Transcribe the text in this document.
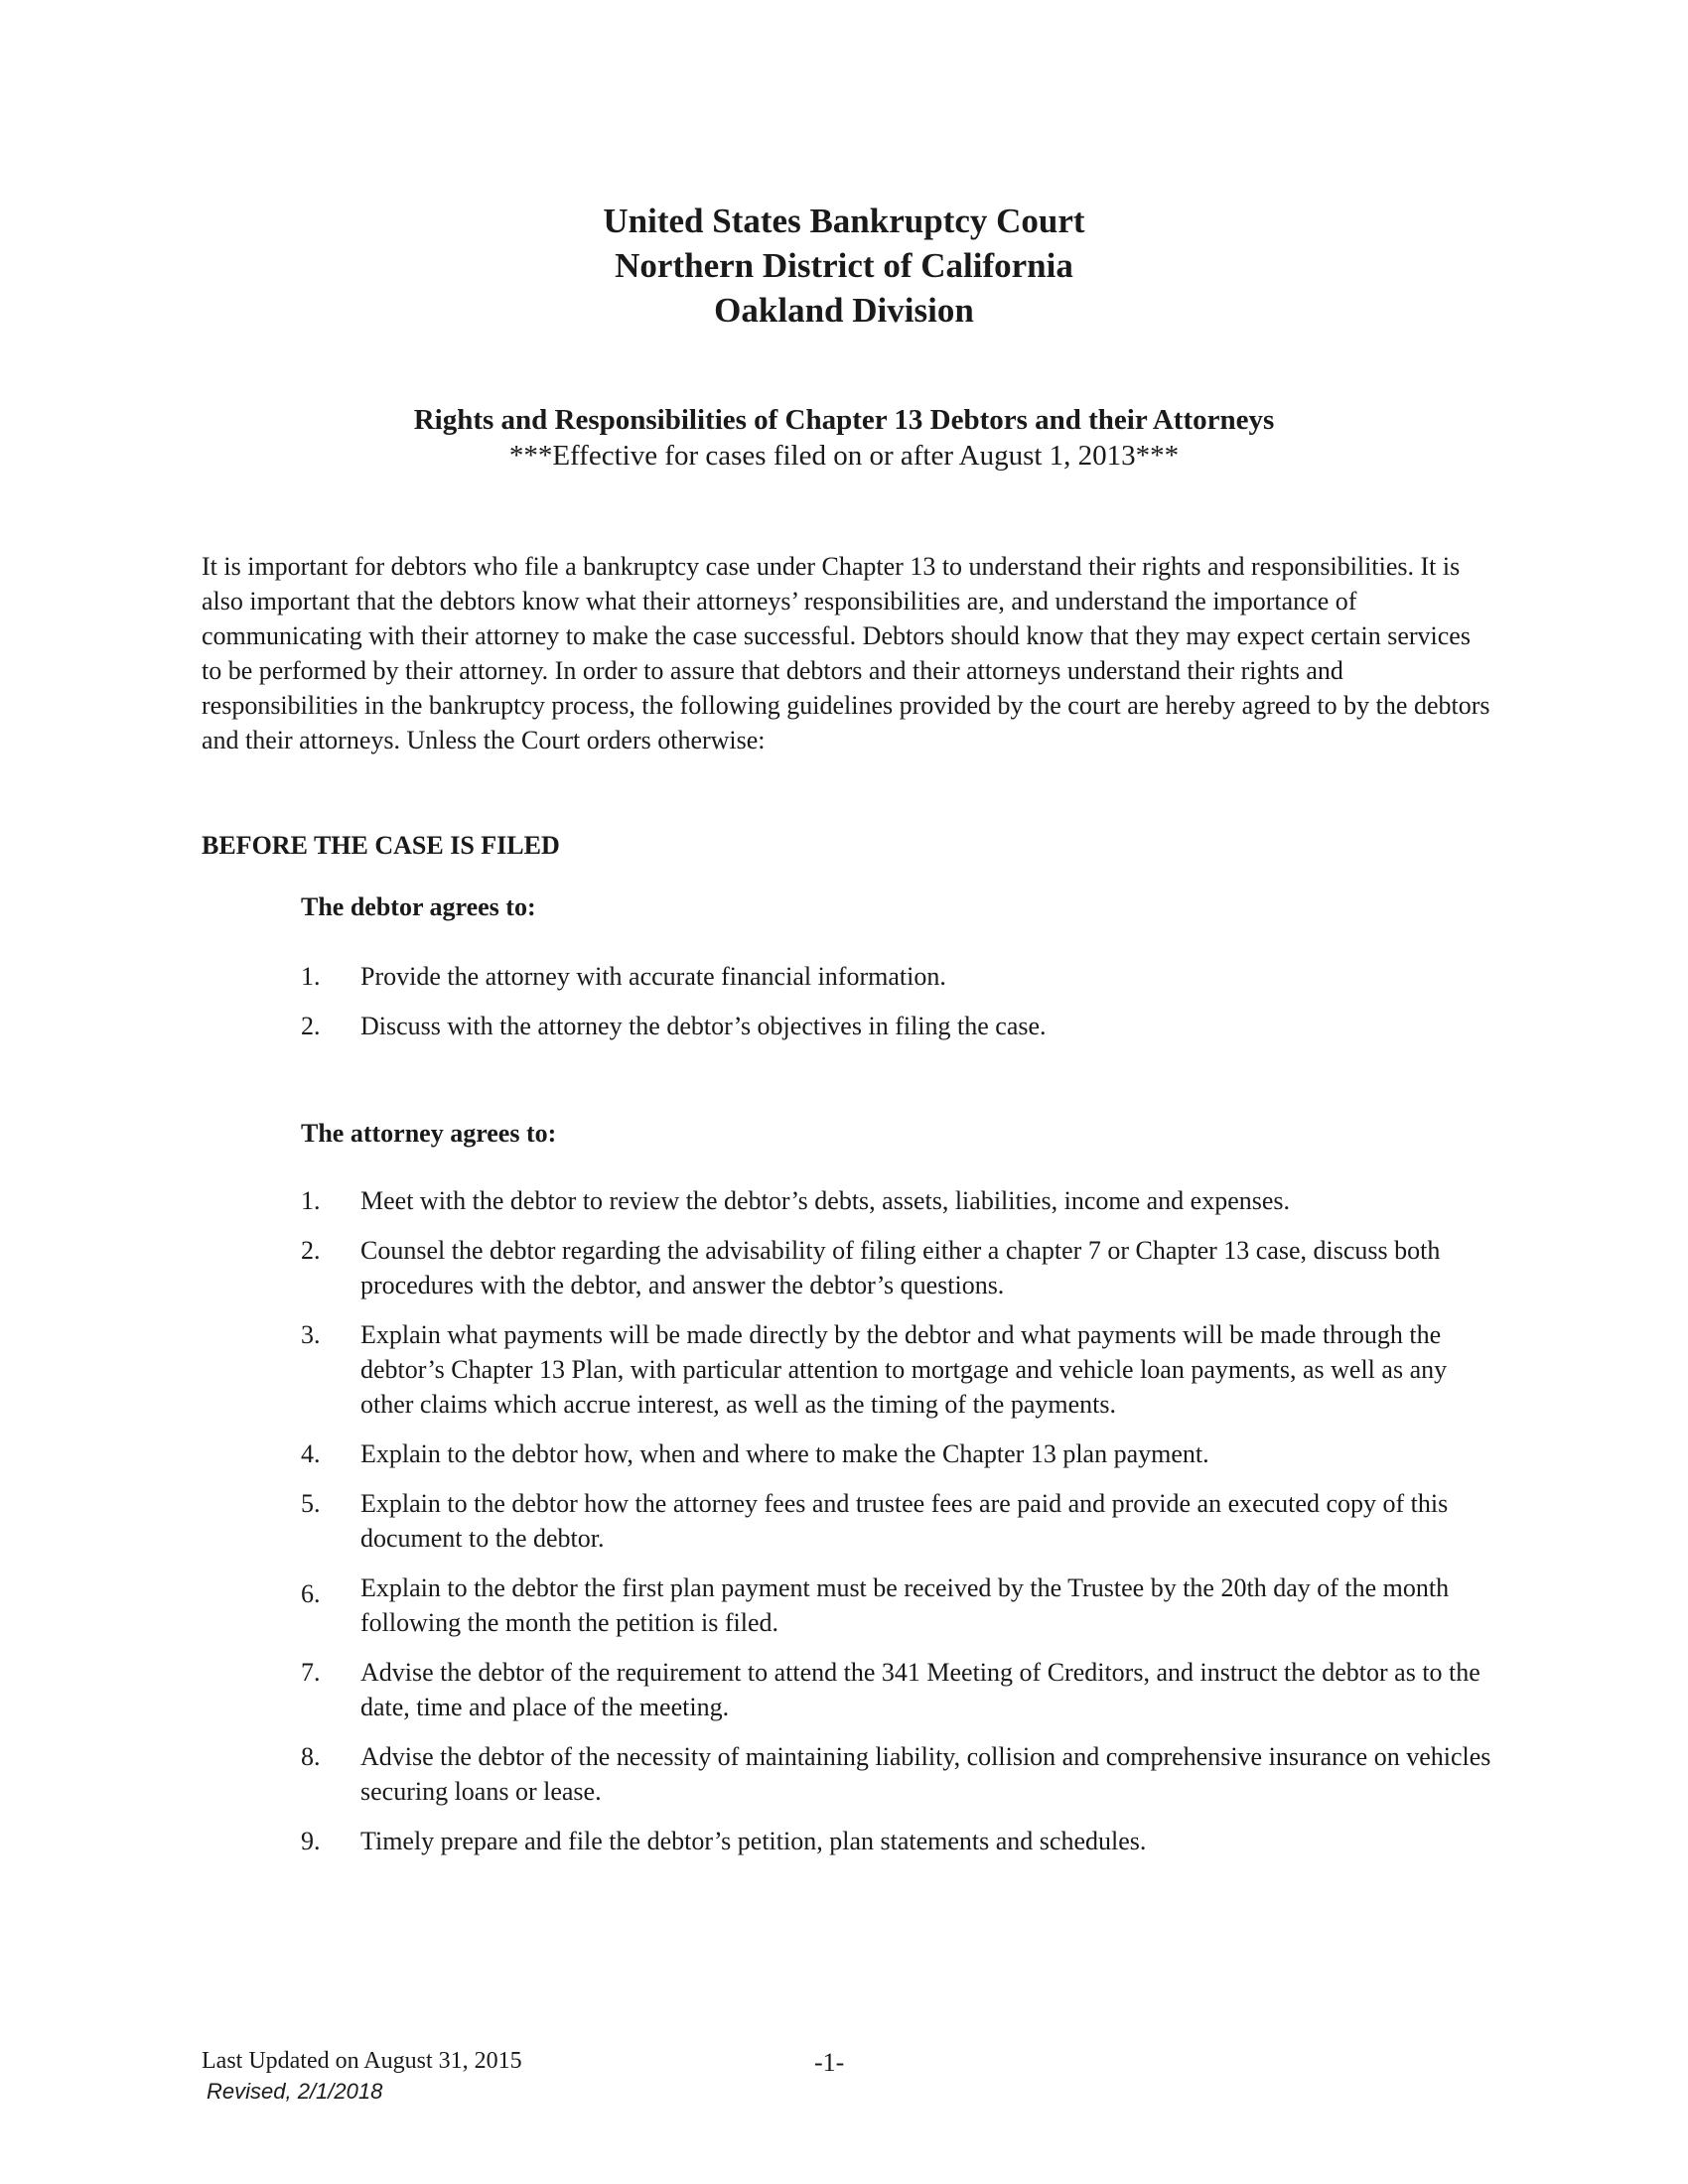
United States Bankruptcy Court
Northern District of California
Oakland Division
Rights and Responsibilities of Chapter 13 Debtors and their Attorneys
***Effective for cases filed on or after August 1, 2013***
It is important for debtors who file a bankruptcy case under Chapter 13 to understand their rights and responsibilities. It is also important that the debtors know what their attorneys’ responsibilities are, and understand the importance of communicating with their attorney to make the case successful. Debtors should know that they may expect certain services to be performed by their attorney. In order to assure that debtors and their attorneys understand their rights and responsibilities in the bankruptcy process, the following guidelines provided by the court are hereby agreed to by the debtors and their attorneys. Unless the Court orders otherwise:
BEFORE THE CASE IS FILED
The debtor agrees to:
1. Provide the attorney with accurate financial information.
2. Discuss with the attorney the debtor’s objectives in filing the case.
The attorney agrees to:
1. Meet with the debtor to review the debtor’s debts, assets, liabilities, income and expenses.
2. Counsel the debtor regarding the advisability of filing either a chapter 7 or Chapter 13 case, discuss both procedures with the debtor, and answer the debtor’s questions.
3. Explain what payments will be made directly by the debtor and what payments will be made through the debtor’s Chapter 13 Plan, with particular attention to mortgage and vehicle loan payments, as well as any other claims which accrue interest, as well as the timing of the payments.
4. Explain to the debtor how, when and where to make the Chapter 13 plan payment.
5. Explain to the debtor how the attorney fees and trustee fees are paid and provide an executed copy of this document to the debtor.
6. Explain to the debtor the first plan payment must be received by the Trustee by the 20th day of the month following the month the petition is filed.
7. Advise the debtor of the requirement to attend the 341 Meeting of Creditors, and instruct the debtor as to the date, time and place of the meeting.
8. Advise the debtor of the necessity of maintaining liability, collision and comprehensive insurance on vehicles securing loans or lease.
9. Timely prepare and file the debtor’s petition, plan statements and schedules.
Last Updated on August 31, 2015	-1-
Revised, 2/1/2018
